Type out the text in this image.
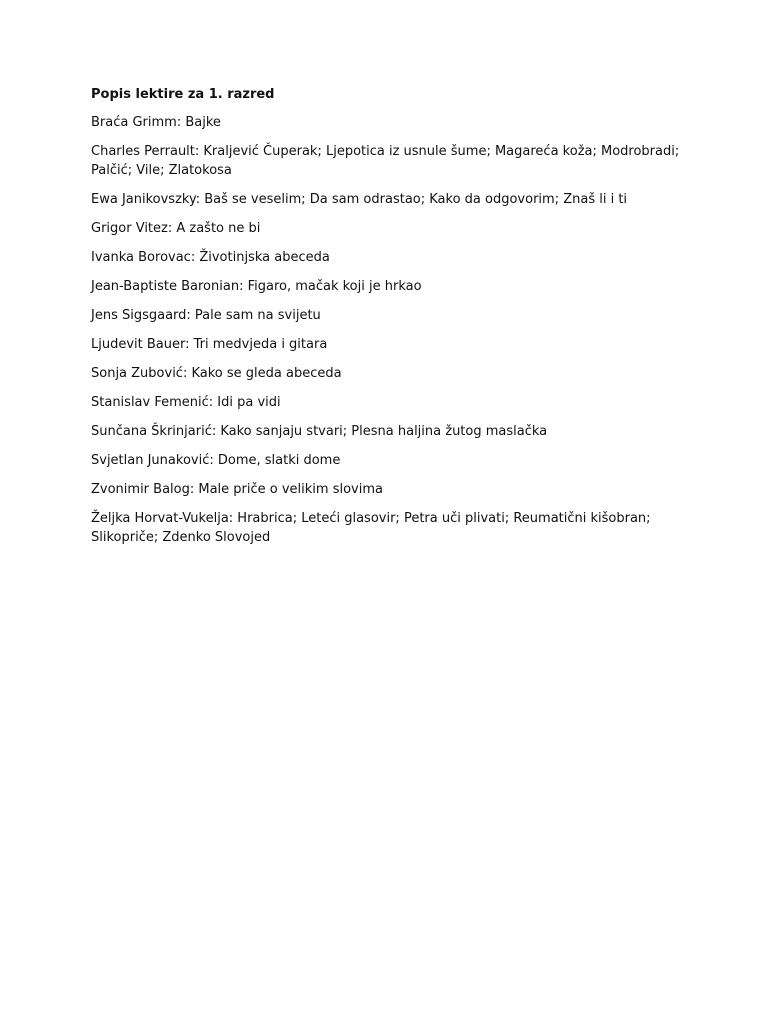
Popis lektire za 1. razred
Braća Grimm: Bajke
Charles Perrault: Kraljević Čuperak; Ljepotica iz usnule šume; Magareća koža; Modrobradi; Palčić; Vile; Zlatokosa
Ewa Janikovszky: Baš se veselim; Da sam odrastao; Kako da odgovorim; Znaš li i ti
Grigor Vitez: A zašto ne bi
Ivanka Borovac: Životinjska abeceda
Jean-Baptiste Baronian: Figaro, mačak koji je hrkao
Jens Sigsgaard: Pale sam na svijetu
Ljudevit Bauer: Tri medvjeda i gitara
Sonja Zubović: Kako se gleda abeceda
Stanislav Femenić: Idi pa vidi
Sunčana Škrinjarić: Kako sanjaju stvari; Plesna haljina žutog maslačka
Svjetlan Junaković: Dome, slatki dome
Zvonimir Balog: Male priče o velikim slovima
Željka Horvat-Vukelja: Hrabrica; Leteći glasovir; Petra uči plivati; Reumatični kišobran; Slikopriče; Zdenko Slovojed
